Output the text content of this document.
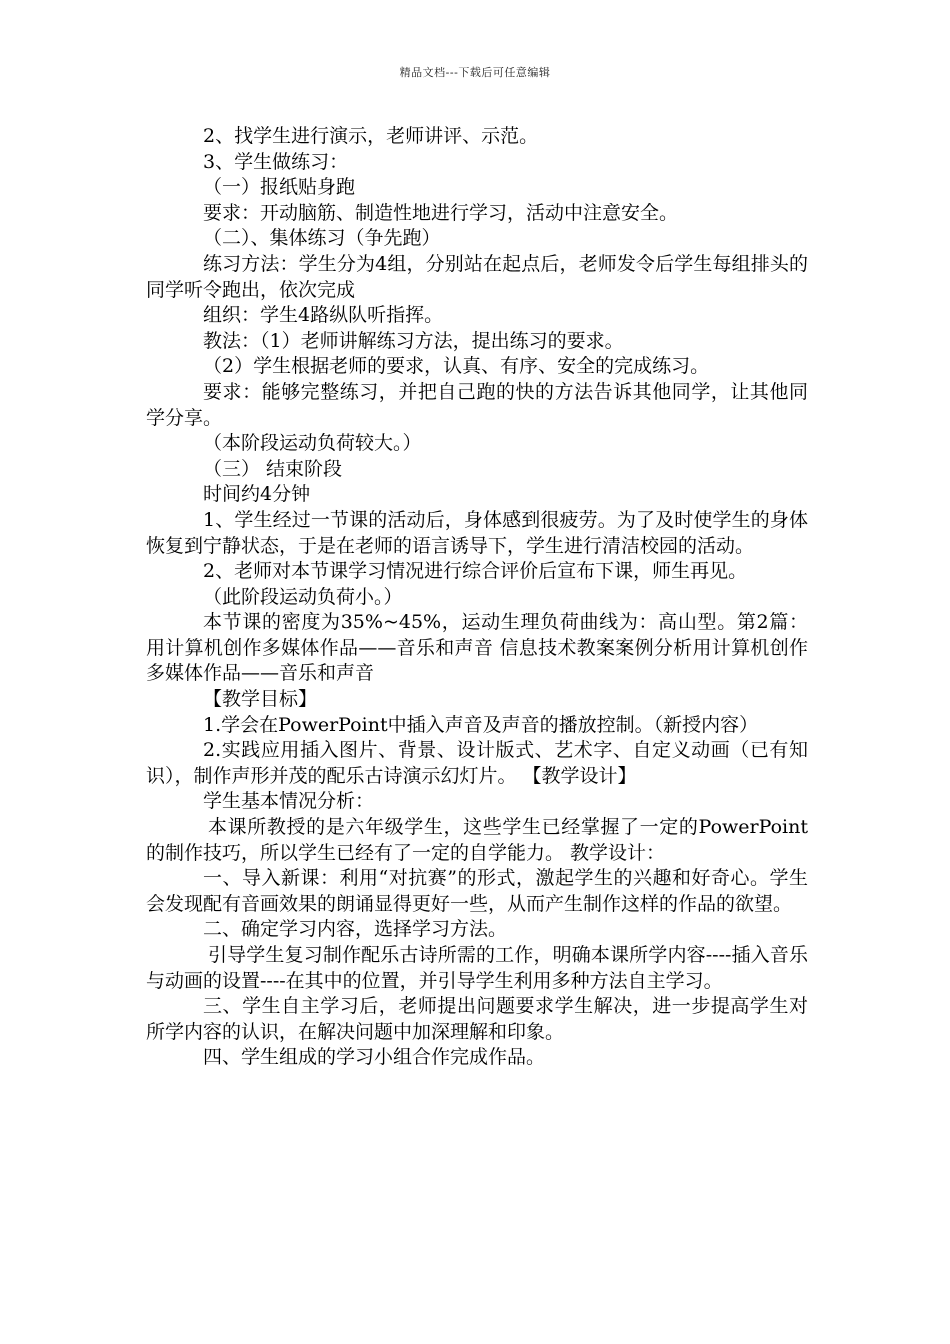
精品文档---下载后可任意编辑

2、找学生进行演示，老师讲评、示范。

3、学生做练习：

（一）报纸贴身跑

要求：开动脑筋、制造性地进行学习，活动中注意安全。

（二）、集体练习（争先跑）

练习方法：学生分为4组，分别站在起点后，老师发令后学生每组排头的同学听令跑出，依次完成

组织：学生4路纵队听指挥。

教法：（1）老师讲解练习方法，提出练习的要求。

（2）学生根据老师的要求，认真、有序、安全的完成练习。

要求：能够完整练习，并把自己跑的快的方法告诉其他同学，让其他同学分享。

（本阶段运动负荷较大。）

（三） 结束阶段

时间约4分钟

1、学生经过一节课的活动后，身体感到很疲劳。为了及时使学生的身体恢复到宁静状态，于是在老师的语言诱导下，学生进行清洁校园的活动。

2、老师对本节课学习情况进行综合评价后宣布下课，师生再见。

（此阶段运动负荷小。）

本节课的密度为35%~45%，运动生理负荷曲线为：高山型。第2篇：用计算机创作多媒体作品——音乐和声音 信息技术教案案例分析用计算机创作多媒体作品——音乐和声音

【教学目标】

1.学会在PowerPoint中插入声音及声音的播放控制。（新授内容）

2.实践应用插入图片、背景、设计版式、艺术字、自定义动画（已有知识），制作声形并茂的配乐古诗演示幻灯片。 【教学设计】

学生基本情况分析：

本课所教授的是六年级学生，这些学生已经掌握了一定的PowerPoint的制作技巧，所以学生已经有了一定的自学能力。 教学设计：

一、导入新课：利用“对抗赛”的形式，激起学生的兴趣和好奇心。学生会发现配有音画效果的朗诵显得更好一些，从而产生制作这样的作品的欲望。

二、确定学习内容，选择学习方法。

引导学生复习制作配乐古诗所需的工作，明确本课所学内容----插入音乐与动画的设置----在其中的位置，并引导学生利用多种方法自主学习。

三、学生自主学习后，老师提出问题要求学生解决，进一步提高学生对所学内容的认识，在解决问题中加深理解和印象。

四、学生组成的学习小组合作完成作品。
